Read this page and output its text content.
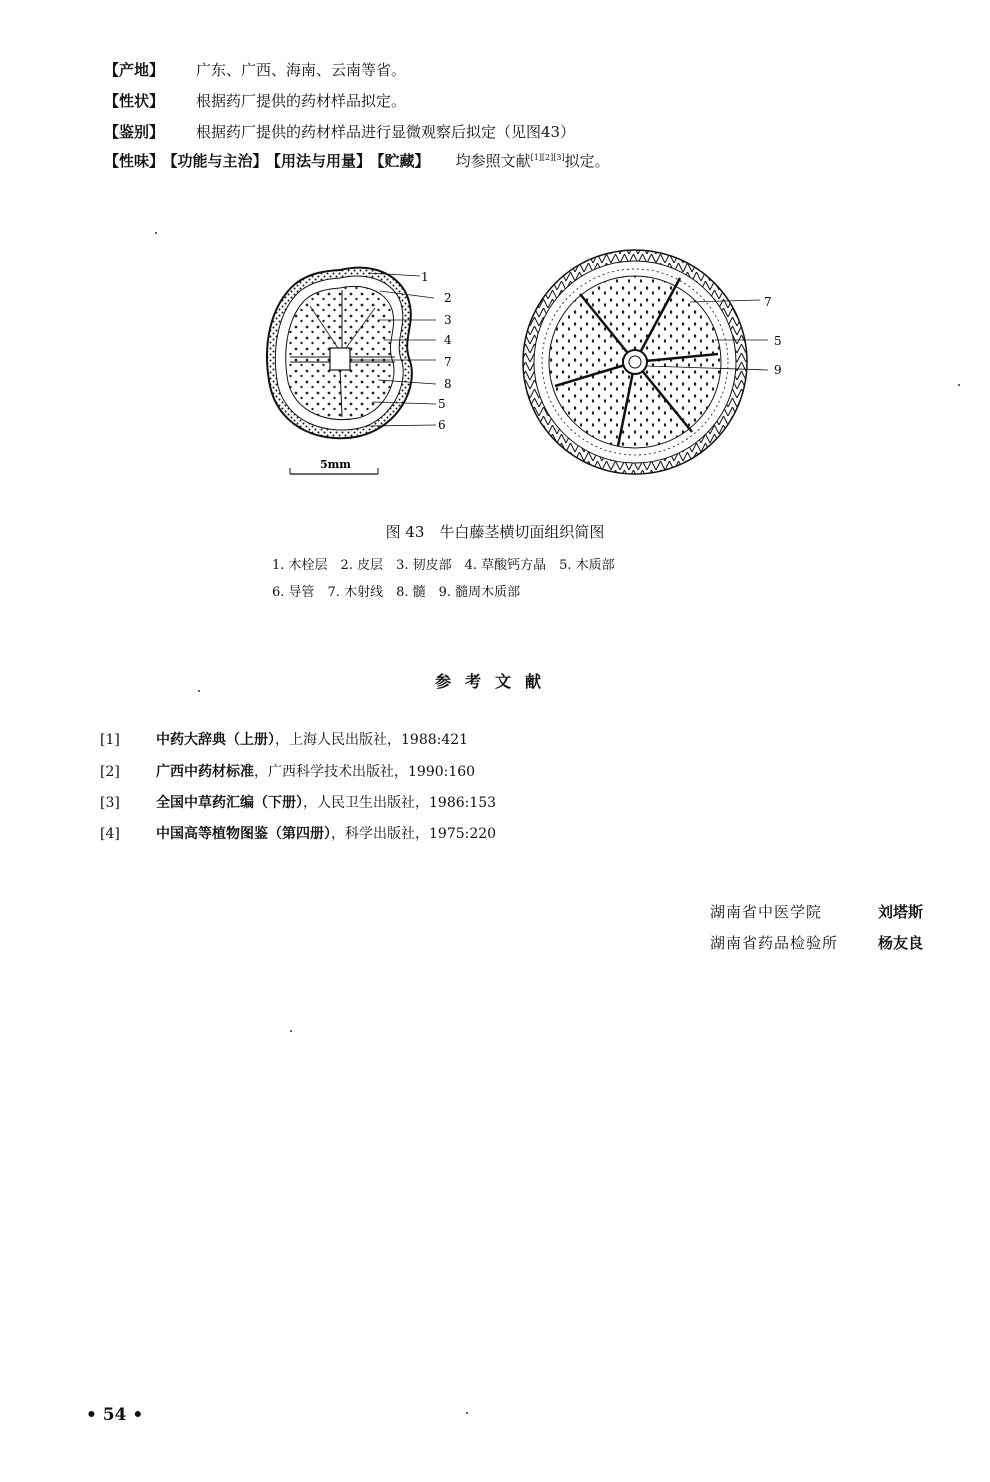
【产地】 广东、广西、海南、云南等省。
【性状】 根据药厂提供的药材样品拟定。
【鉴别】 根据药厂提供的药材样品进行显微观察后拟定（见图43）
【性味】 【功能与主治】 【用法与用量】 【贮藏】 均参照文献[1][2][3]拟定。
1
2
3
4
7
8
5
6
5mm
7
5
9
图 43　牛白藤茎横切面组织简图
1. 木栓层　2. 皮层　3. 韧皮部　4. 草酸钙方晶　5. 木质部
6. 导管　7. 木射线　8. 髓　9. 髓周木质部
参考文献
[1]	中药大辞典（上册），上海人民出版社，1988:421
[2]	广西中药材标准，广西科学技术出版社，1990:160
[3]	全国中草药汇编（下册），人民卫生出版社，1986:153
[4]	中国高等植物图鉴（第四册），科学出版社，1975:220
湖南省中医学院	刘塔斯
湖南省药品检验所	杨友良
• 54 •
